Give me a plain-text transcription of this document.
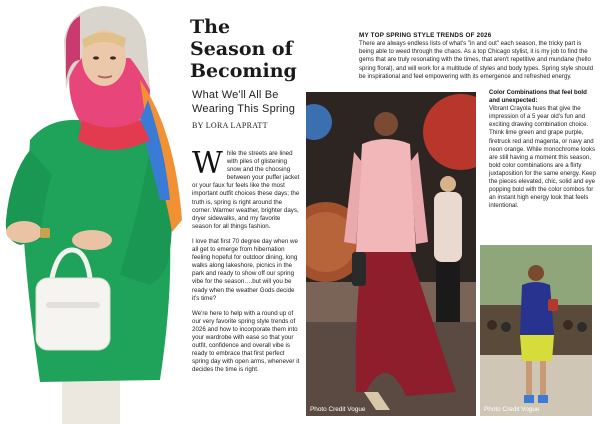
The Season of Becoming
What We'll All Be Wearing This Spring
BY LORA LAPRATT

While the streets are lined with piles of glistening snow and the choosing between your puffer jacket or your faux fur feels like the most important outfit choices these days; the truth is, spring is right around the corner. Warmer weather, brighter days, dryer sidewalks, and my favorite season for all things fashion.

I love that first 70 degree day when we all get to emerge from hibernation feeling hopeful for outdoor dining, long walks along lakeshore, picnics in the park and ready to show off our spring vibe for the season….but will you be ready when the weather Gods decide it's time?

We're here to help with a round up of our very favorite spring style trends of 2026 and how to incorporate them into your wardrobe with ease so that your outfit, confidence and overall vibe is ready to embrace that first perfect spring day with open arms, whenever it decides the time is right.

MY TOP SPRING STYLE TRENDS OF 2026
There are always endless lists of what's "in and out" each season, the tricky part is being able to weed through the chaos. As a top Chicago stylist, it is my job to find the gems that are truly resonating with the times, that aren't repetitive and mundane (hello spring floral), and will work for a multitude of styles and body types. Spring style should be inspirational and feel empowering with its emergence and refreshed energy.
Photo Credit Vogue
Color Combinations that feel bold and unexpected:
Vibrant Crayola hues that give the impression of a 5 year old's fun and exciting drawing combination choice. Think lime green and grape purple, firetruck red and magenta, or navy and neon orange. While monochrome looks are still having a moment this season, bold color combinations are a flirty juxtaposition for the same energy. Keep the pieces elevated, chic, solid and eye popping bold with the color combos for an instant high energy look that feels intentional.
Photo Credit Vogue
